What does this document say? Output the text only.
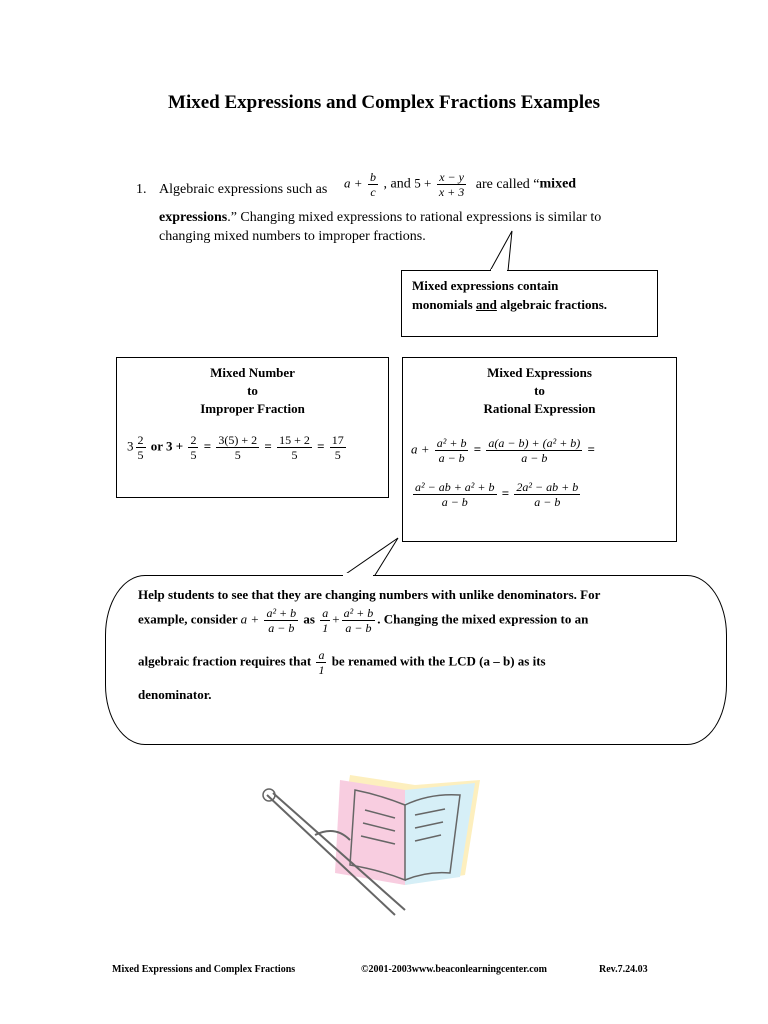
Mixed Expressions and Complex Fractions Examples
1. Algebraic expressions such as $a + \frac{b}{c}$ , and $5 + \frac{x - y}{x + 3}$ are called “mixed
expressions.” Changing mixed expressions to rational expressions is similar to
changing mixed numbers to improper fractions.
Mixed expressions contain
monomials and algebraic fractions.
Mixed Number
to
Improper Fraction
$3 \frac{2}{5}$ or $3 + \frac{2}{5} = \frac{3(5) + 2}{5} = \frac{15 + 2}{5} = \frac{17}{5}$
Mixed Expressions
to
Rational Expression
$a + \frac{\text{a² + b}}{a - b} = \frac{\text{a(a − b) + (a² + b)}}{a - b}$ =
$\frac{\text{a² − ab + a² + b}}{a - b} = \frac{\text{2a² − ab + b}}{a - b}$
Help students to see that they are changing numbers with unlike denominators. For
example, consider $a + \frac{\text{a² + b}}{a - b}$ as $\frac{a}{1} + \frac{\text{a² + b}}{a - b}$ . Changing the mixed expression to an
algebraic fraction requires that $\frac{a}{1}$ be renamed with the LCD (a – b) as its
denominator.
Mixed Expressions and Complex Fractions	©2001-2003www.beaconlearningcenter.com	Rev.7.24.03
